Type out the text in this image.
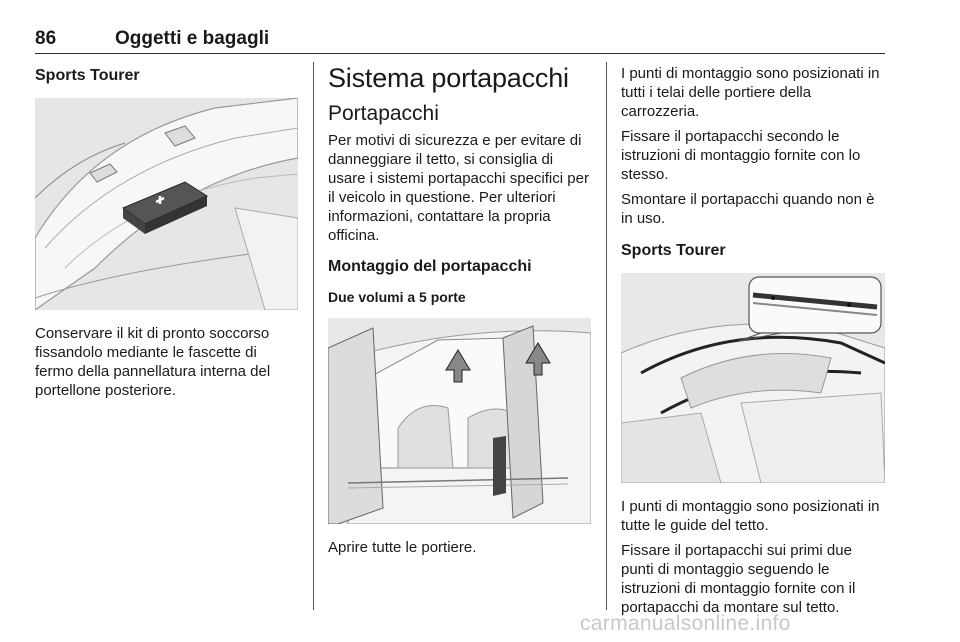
86	Oggetti e bagagli
Sports Tourer

Conservare il kit di pronto soccorso fissandolo mediante le fascette di fermo della pannellatura interna del portellone posteriore.

Sistema portapacchi
Portapacchi

Per motivi di sicurezza e per evitare di danneggiare il tetto, si consiglia di usare i sistemi portapacchi specifici per il veicolo in questione. Per ulteriori informazioni, contattare la propria officina.

Montaggio del portapacchi
Due volumi a 5 porte

Aprire tutte le portiere.

I punti di montaggio sono posizionati in tutti i telai delle portiere della carrozzeria.

Fissare il portapacchi secondo le istruzioni di montaggio fornite con lo stesso.

Smontare il portapacchi quando non è in uso.

Sports Tourer

I punti di montaggio sono posizionati in tutte le guide del tetto.

Fissare il portapacchi sui primi due punti di montaggio seguendo le istruzioni di montaggio fornite con il portapacchi da montare sul tetto.

carmanualsonline.info
